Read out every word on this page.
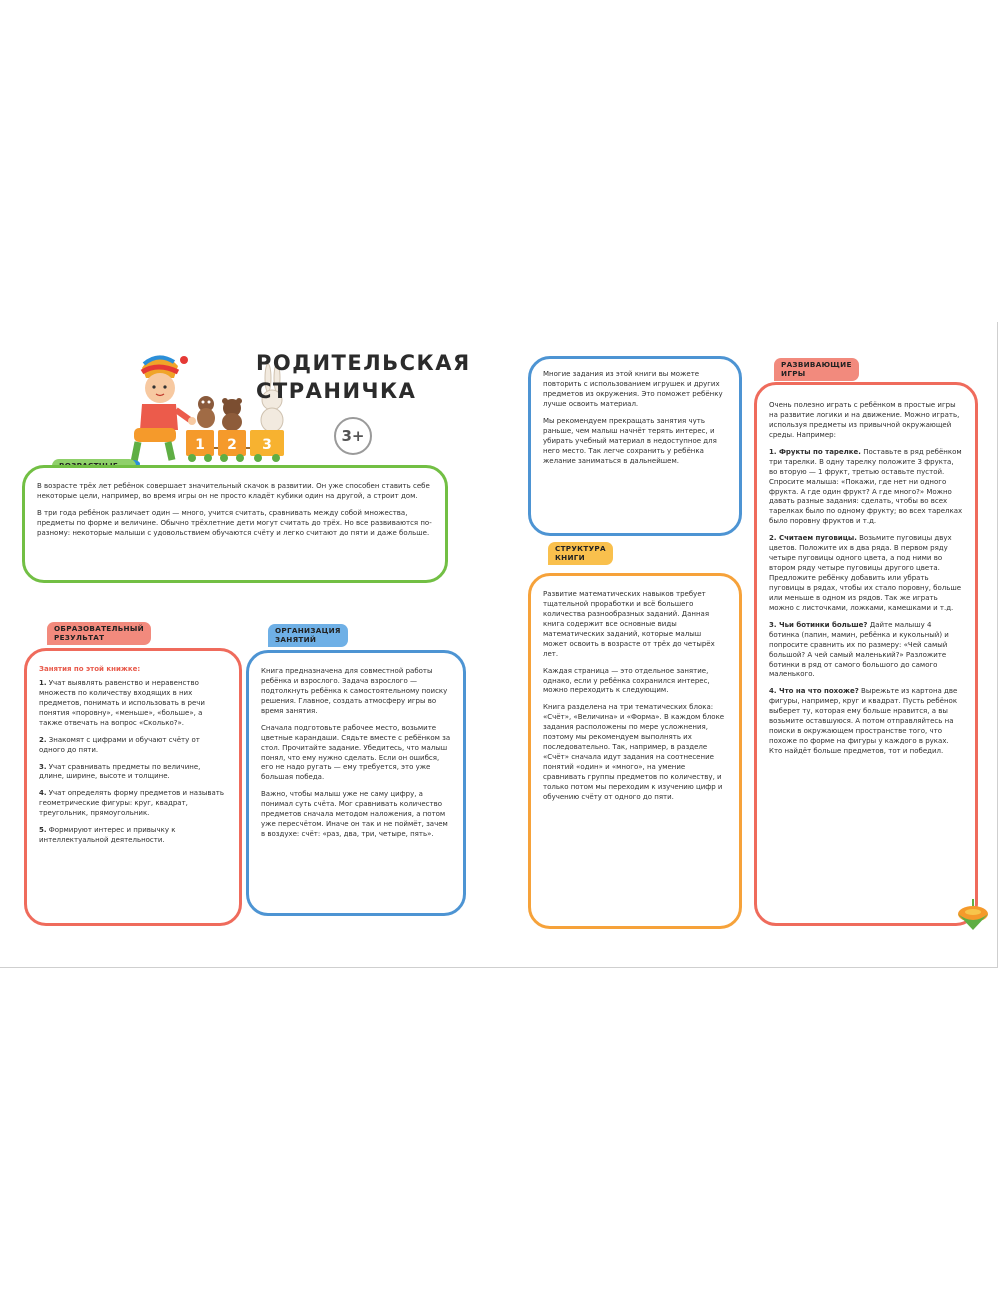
1 2 3
РОДИТЕЛЬСКАЯ
СТРАНИЧКА
3+

В возрасте трёх лет ребёнок совершает значительный скачок в развитии. Он уже способен ставить себе некоторые цели, например, во время игры он не просто кладёт кубики один на другой, а строит дом.

В три года ребёнок различает один — много, учится считать, сравнивать между собой множества, предметы по форме и величине. Обычно трёхлетние дети могут считать до трёх. Но все развиваются по-разному: некоторые малыши с удовольствием обучаются счёту и легко считают до пяти и даже больше.

Занятия по этой книжке:

1. Учат выявлять равенство и неравенство множеств по количеству входящих в них предметов, понимать и использовать в речи понятия «поровну», «меньше», «больше», а также отвечать на вопрос «Сколько?».

2. Знакомят с цифрами и обучают счёту от одного до пяти.

3. Учат сравнивать предметы по величине, длине, ширине, высоте и толщине.

4. Учат определять форму предметов и называть геометрические фигуры: круг, квадрат, треугольник, прямоугольник.

5. Формируют интерес и привычку к интеллектуальной деятельности.

ОБРАЗОВАТЕЛЬНЫЙ
РЕЗУЛЬТАТ

Книга предназначена для совместной работы ребёнка и взрослого. Задача взрослого — подтолкнуть ребёнка к самостоятельному поиску решения. Главное, создать атмосферу игры во время занятия.

Сначала подготовьте рабочее место, возьмите цветные карандаши. Сядьте вместе с ребёнком за стол. Прочитайте задание. Убедитесь, что малыш понял, что ему нужно сделать. Если он ошибся, его не надо ругать — ему требуется, это уже большая победа.

Важно, чтобы малыш уже не саму цифру, а понимал суть счёта. Мог сравнивать количество предметов сначала методом наложения, а потом уже пересчётом. Иначе он так и не поймёт, зачем в воздухе: счёт: «раз, два, три, четыре, пять».

ОРГАНИЗАЦИЯ
ЗАНЯТИЙ

Многие задания из этой книги вы можете повторить с использованием игрушек и других предметов из окружения. Это поможет ребёнку лучше освоить материал.

Мы рекомендуем прекращать занятия чуть раньше, чем малыш начнёт терять интерес, и убирать учебный материал в недоступное для него место. Так легче сохранить у ребёнка желание заниматься в дальнейшем.

Развитие математических навыков требует тщательной проработки и всё большего количества разнообразных заданий. Данная книга содержит все основные виды математических заданий, которые малыш может освоить в возрасте от трёх до четырёх лет.

Каждая страница — это отдельное занятие, однако, если у ребёнка сохранился интерес, можно переходить к следующим.

Книга разделена на три тематических блока: «Счёт», «Величина» и «Форма». В каждом блоке задания расположены по мере усложнения, поэтому мы рекомендуем выполнять их последовательно. Так, например, в разделе «Счёт» сначала идут задания на соотнесение понятий «один» и «много», на умение сравнивать группы предметов по количеству, и только потом мы переходим к изучению цифр и обучению счёту от одного до пяти.

СТРУКТУРА
КНИГИ

Очень полезно играть с ребёнком в простые игры на развитие логики и на движение. Можно играть, используя предметы из привычной окружающей среды. Например:

1. Фрукты по тарелке. Поставьте в ряд ребёнком три тарелки. В одну тарелку положите 3 фрукта, во вторую — 1 фрукт, третью оставьте пустой. Спросите малыша: «Покажи, где нет ни одного фрукта. А где один фрукт? А где много?» Можно давать разные задания: сделать, чтобы во всех тарелках было по одному фрукту; во всех тарелках было поровну фруктов и т.д.

2. Считаем пуговицы. Возьмите пуговицы двух цветов. Положите их в два ряда. В первом ряду четыре пуговицы одного цвета, а под ними во втором ряду четыре пуговицы другого цвета. Предложите ребёнку добавить или убрать пуговицы в рядах, чтобы их стало поровну, больше или меньше в одном из рядов. Так же играть можно с листочками, ложками, камешками и т.д.

3. Чьи ботинки больше? Дайте малышу 4 ботинка (папин, мамин, ребёнка и кукольный) и попросите сравнить их по размеру: «Чей самый большой? А чей самый маленький?» Разложите ботинки в ряд от самого большого до самого маленького.

4. Что на что похоже? Вырежьте из картона две фигуры, например, круг и квадрат. Пусть ребёнок выберет ту, которая ему больше нравится, а вы возьмите оставшуюся. А потом отправляйтесь на поиски в окружающем пространстве того, что похоже по форме на фигуры у каждого в руках. Кто найдёт больше предметов, тот и победил.

РАЗВИВАЮЩИЕ
ИГРЫ
